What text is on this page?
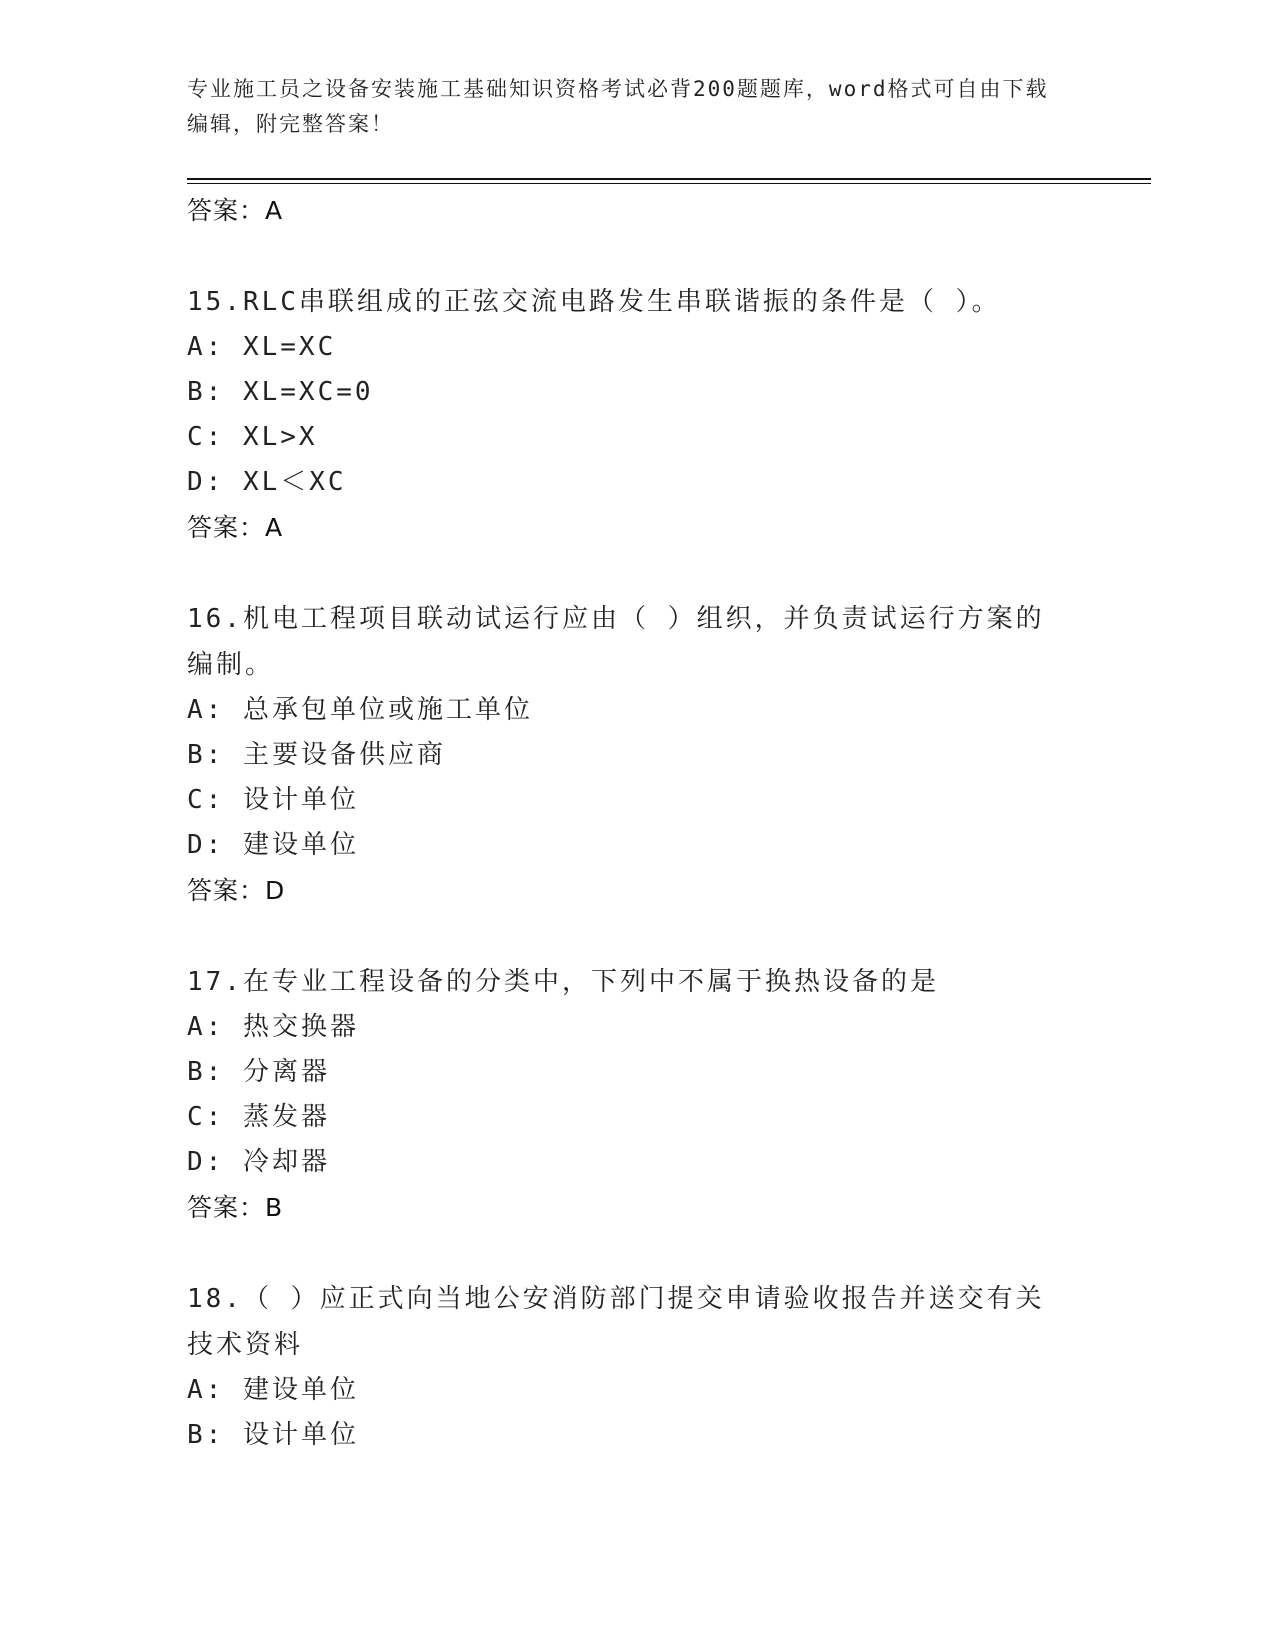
专业施工员之设备安装施工基础知识资格考试必背200题题库，word格式可自由下载编辑，附完整答案！
答案：A
15.RLC串联组成的正弦交流电路发生串联谐振的条件是（ ）。
A: XL=XC
B: XL=XC=0
C: XL>X
D: XL＜XC
答案：A
16.机电工程项目联动试运行应由（ ）组织，并负责试运行方案的编制。
A: 总承包单位或施工单位
B: 主要设备供应商
C: 设计单位
D: 建设单位
答案：D
17.在专业工程设备的分类中，下列中不属于换热设备的是
A: 热交换器
B: 分离器
C: 蒸发器
D: 冷却器
答案：B
18.（ ）应正式向当地公安消防部门提交申请验收报告并送交有关技术资料
A: 建设单位
B: 设计单位
